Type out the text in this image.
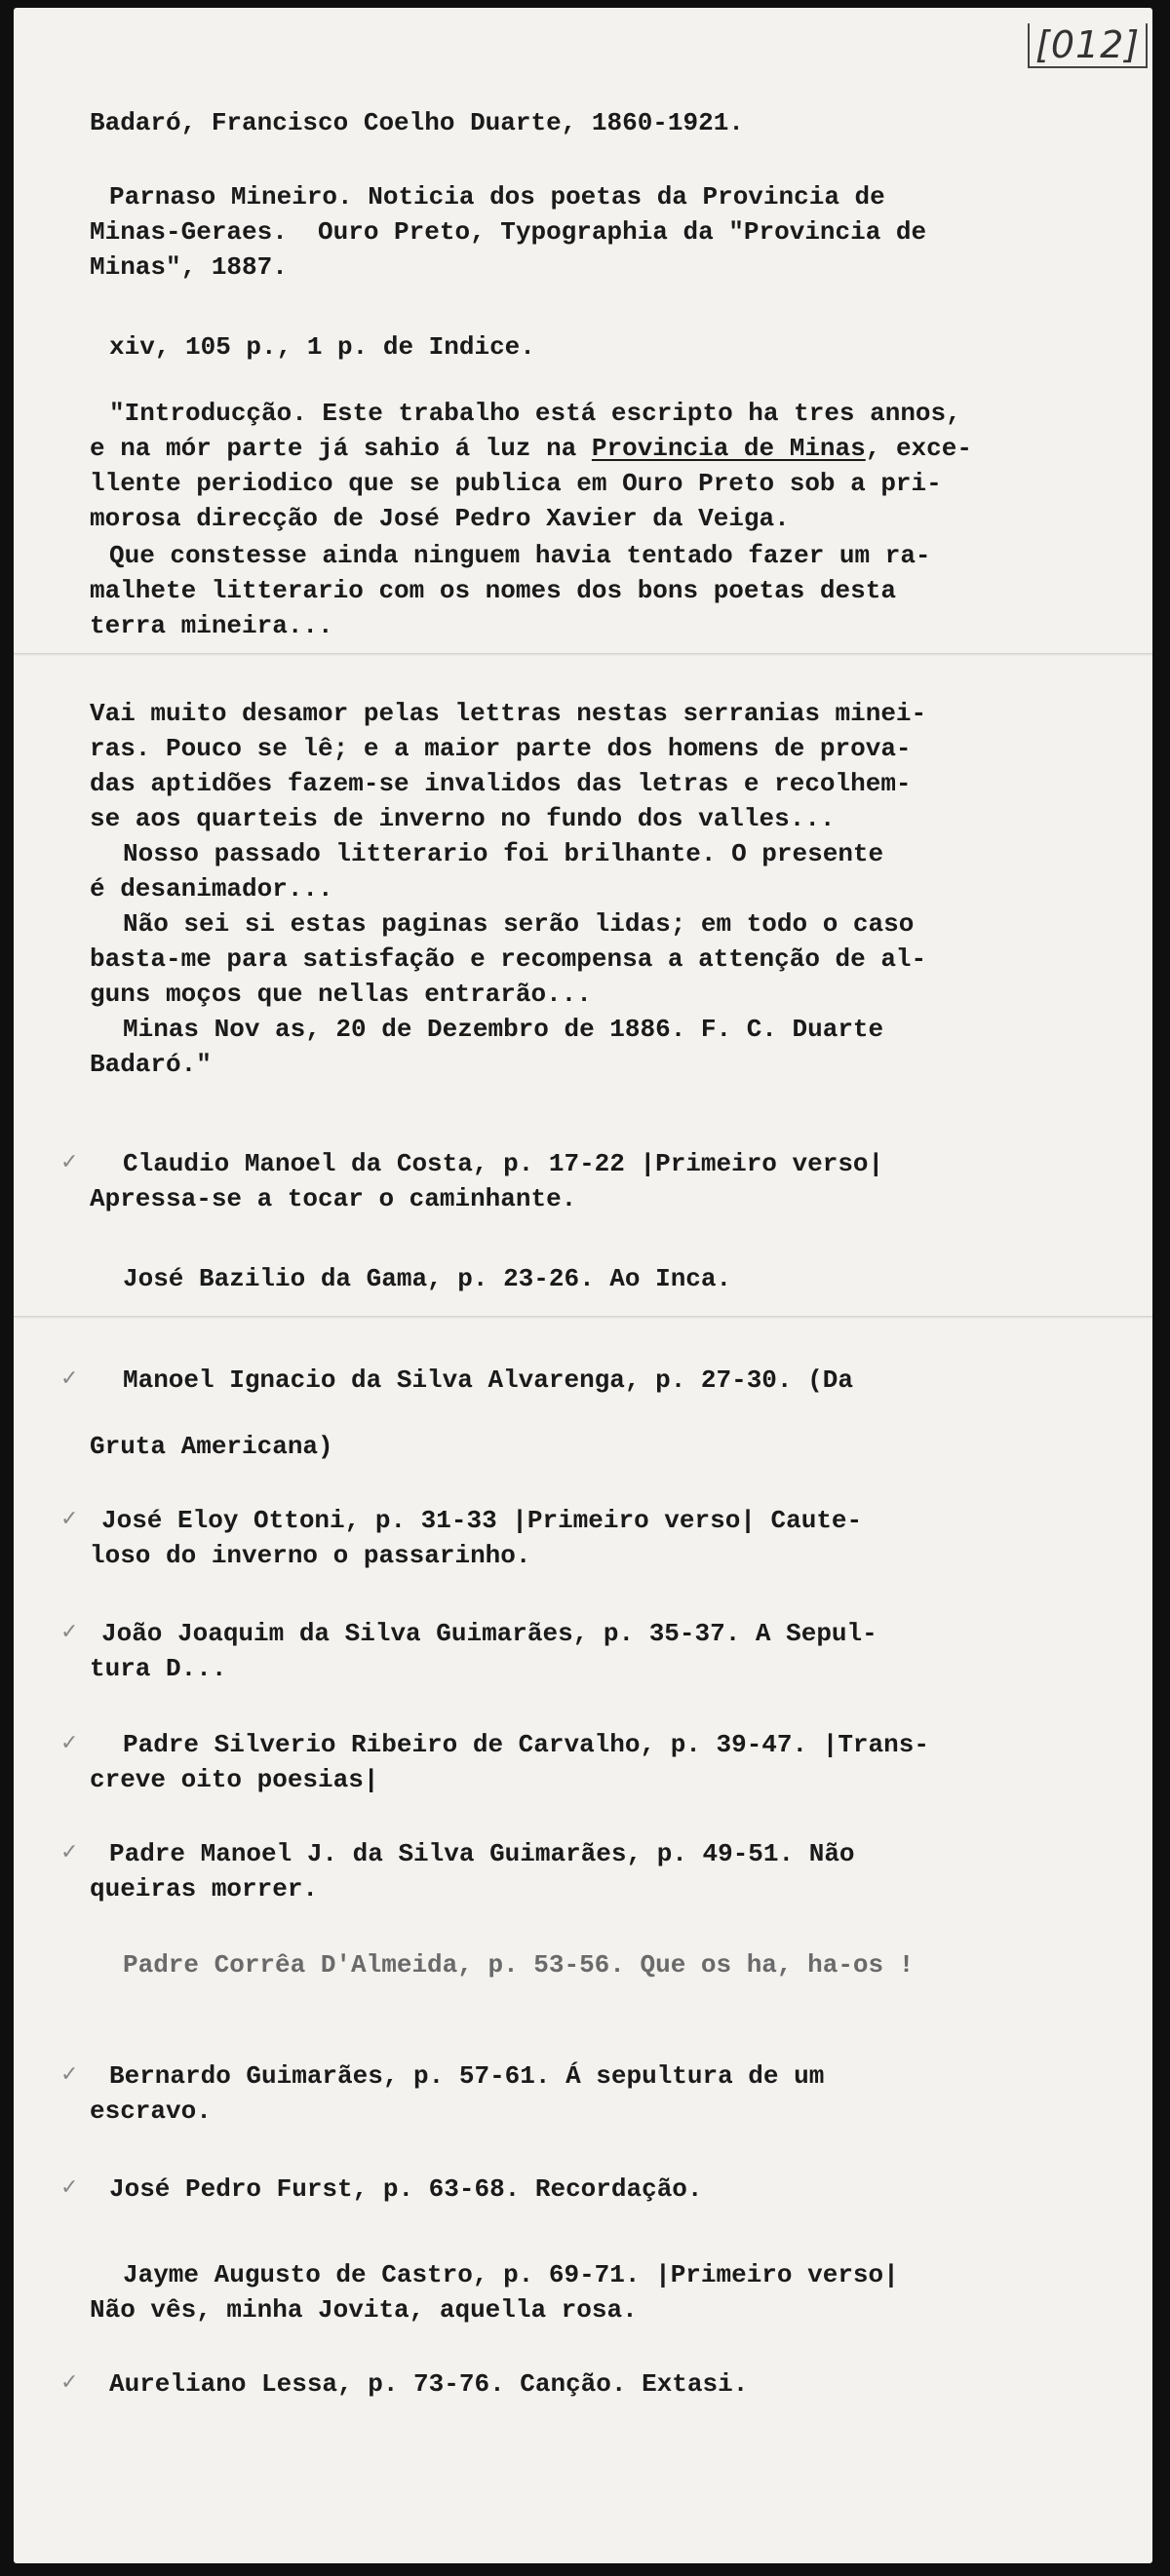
[012]
Badaró, Francisco Coelho Duarte, 1860-1921.
Parnaso Mineiro. Noticia dos poetas da Provincia de
Minas-Geraes.  Ouro Preto, Typographia da "Provincia de
Minas", 1887.
xiv, 105 p., 1 p. de Indice.
"Introducção. Este trabalho está escripto ha tres annos,
e na mór parte já sahio á luz na Provincia de Minas, exce-
llente periodico que se publica em Ouro Preto sob a pri-
morosa direcção de José Pedro Xavier da Veiga.
Que constesse ainda ninguem havia tentado fazer um ra-
malhete litterario com os nomes dos bons poetas desta
terra mineira...
Vai muito desamor pelas lettras nestas serranias minei-
ras. Pouco se lê; e a maior parte dos homens de prova-
das aptidões fazem-se invalidos das letras e recolhem-
se aos quarteis de inverno no fundo dos valles...
Nosso passado litterario foi brilhante. O presente
é desanimador...
Não sei si estas paginas serão lidas; em todo o caso
basta-me para satisfação e recompensa a attenção de al-
guns moços que nellas entrarão...
Minas Nov as, 20 de Dezembro de 1886. F. C. Duarte
Badaró."
✓ Claudio Manoel da Costa, p. 17-22 |Primeiro verso|
Apressa-se a tocar o caminhante.
José Bazilio da Gama, p. 23-26. Ao Inca.
✓ Manoel Ignacio da Silva Alvarenga, p. 27-30. (Da
Gruta Americana)
✓ José Eloy Ottoni, p. 31-33 |Primeiro verso| Caute-
loso do inverno o passarinho.
✓ João Joaquim da Silva Guimarães, p. 35-37. A Sepul-
tura D...
✓ Padre Silverio Ribeiro de Carvalho, p. 39-47. |Trans-
creve oito poesias|
✓ Padre Manoel J. da Silva Guimarães, p. 49-51. Não
queiras morrer.
Padre Corrêa D'Almeida, p. 53-56. Que os ha, ha-os !
✓ Bernardo Guimarães, p. 57-61. Á sepultura de um
escravo.
✓ José Pedro Furst, p. 63-68. Recordação.
Jayme Augusto de Castro, p. 69-71. |Primeiro verso|
Não vês, minha Jovita, aquella rosa.
✓ Aureliano Lessa, p. 73-76. Canção. Extasi.
